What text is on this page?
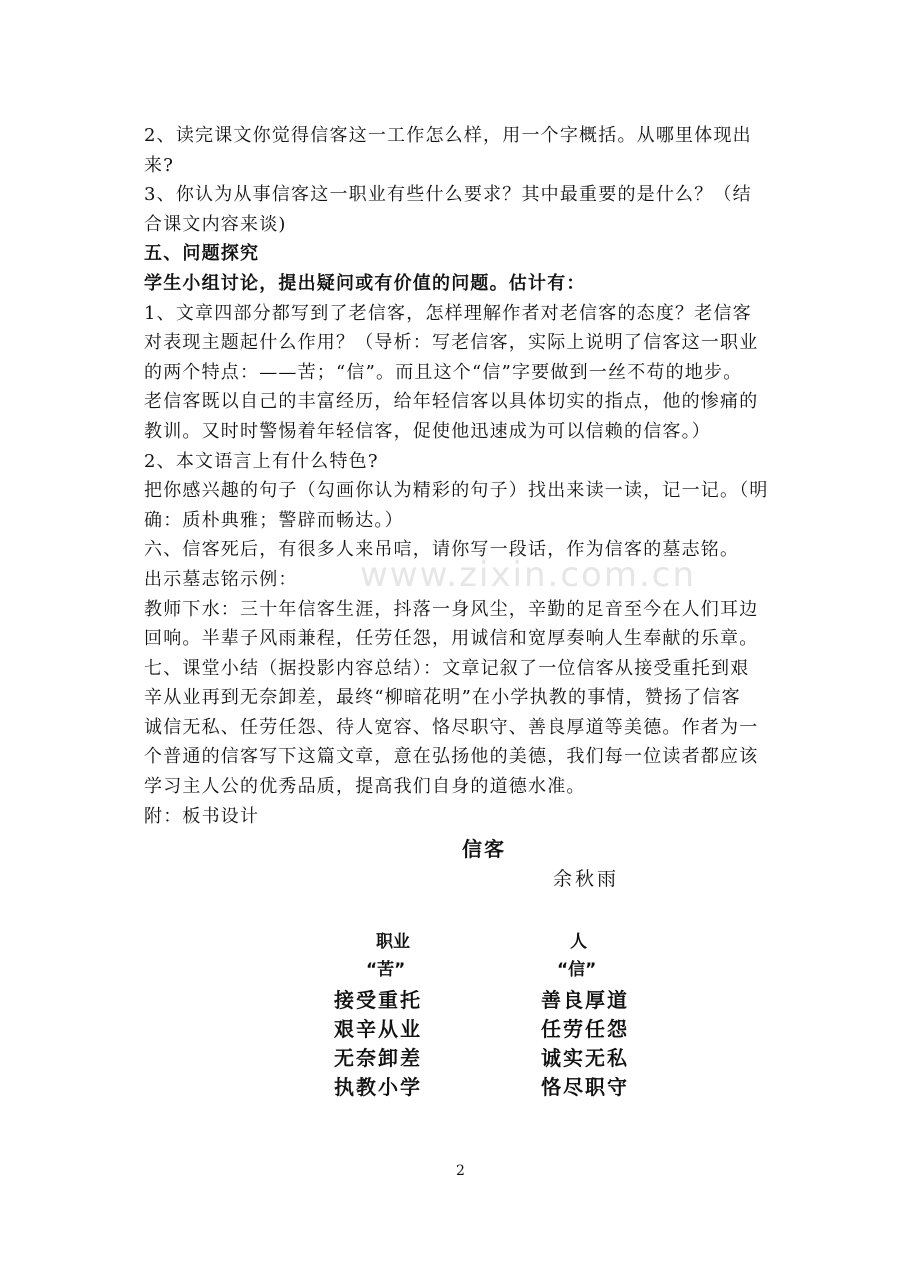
www.zixin.com.cn
2、读完课文你觉得信客这一工作怎么样，用一个字概括。从哪里体现出
来?
3、你认为从事信客这一职业有些什么要求？其中最重要的是什么？（结
合课文内容来谈)
五、问题探究
学生小组讨论，提出疑问或有价值的问题。估计有：
1、文章四部分都写到了老信客，怎样理解作者对老信客的态度？老信客
对表现主题起什么作用？（导析：写老信客，实际上说明了信客这一职业
的两个特点：——苦；“信”。而且这个“信”字要做到一丝不苟的地步。
老信客既以自己的丰富经历，给年轻信客以具体切实的指点，他的惨痛的
教训。又时时警惕着年轻信客，促使他迅速成为可以信赖的信客。）
2、本文语言上有什么特色?
把你感兴趣的句子（勾画你认为精彩的句子）找出来读一读，记一记。（明
确：质朴典雅；警辟而畅达。）
六、信客死后，有很多人来吊唁，请你写一段话，作为信客的墓志铭。
出示墓志铭示例：
教师下水：三十年信客生涯，抖落一身风尘，辛勤的足音至今在人们耳边
回响。半辈子风雨兼程，任劳任怨，用诚信和宽厚奏响人生奉献的乐章。
七、课堂小结（据投影内容总结）：文章记叙了一位信客从接受重托到艰
辛从业再到无奈卸差，最终“柳暗花明”在小学执教的事情，赞扬了信客
诚信无私、任劳任怨、待人宽容、恪尽职守、善良厚道等美德。作者为一
个普通的信客写下这篇文章，意在弘扬他的美德，我们每一位读者都应该
学习主人公的优秀品质，提高我们自身的道德水准。
附：板书设计
信客
余秋雨
职业	人
“苦”	“信”
接受重托
艰辛从业
无奈卸差
执教小学
善良厚道
任劳任怨
诚实无私
恪尽职守
2
